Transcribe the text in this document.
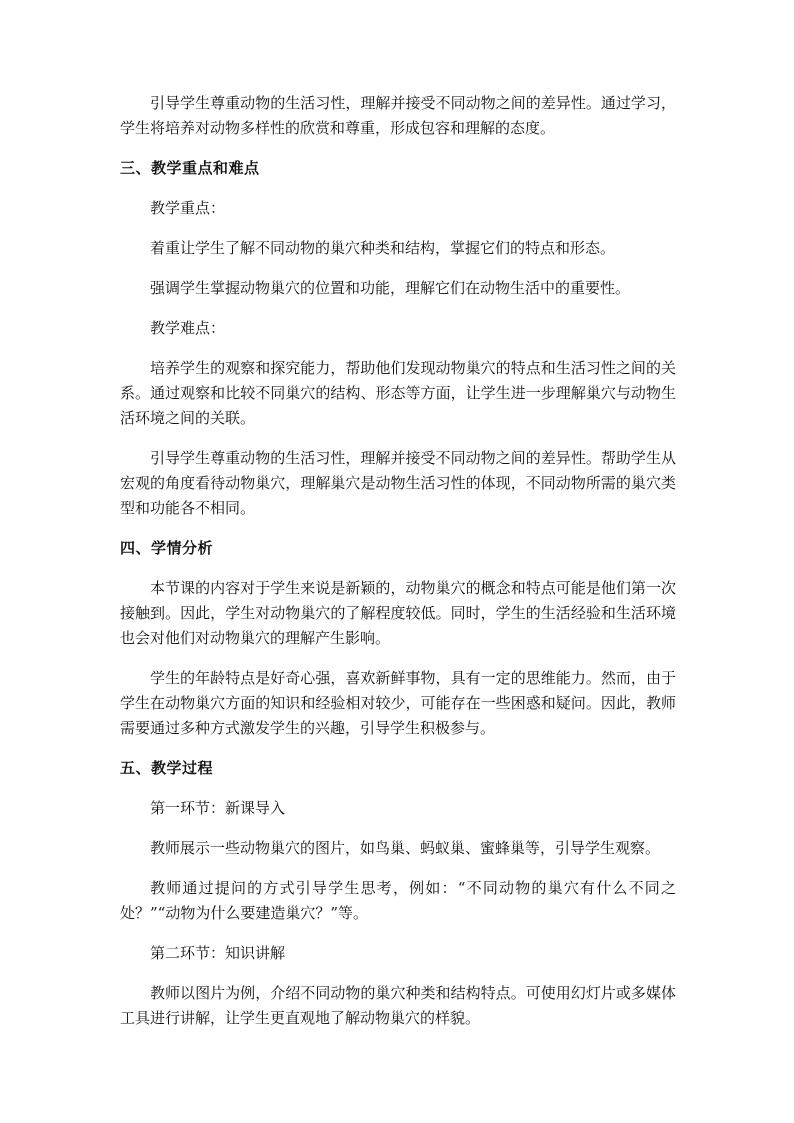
引导学生尊重动物的生活习性，理解并接受不同动物之间的差异性。通过学习，学生将培养对动物多样性的欣赏和尊重，形成包容和理解的态度。

三、教学重点和难点

教学重点：

着重让学生了解不同动物的巢穴种类和结构，掌握它们的特点和形态。

强调学生掌握动物巢穴的位置和功能，理解它们在动物生活中的重要性。

教学难点：

培养学生的观察和探究能力，帮助他们发现动物巢穴的特点和生活习性之间的关系。通过观察和比较不同巢穴的结构、形态等方面，让学生进一步理解巢穴与动物生活环境之间的关联。

引导学生尊重动物的生活习性，理解并接受不同动物之间的差异性。帮助学生从宏观的角度看待动物巢穴，理解巢穴是动物生活习性的体现，不同动物所需的巢穴类型和功能各不相同。

四、学情分析

本节课的内容对于学生来说是新颖的，动物巢穴的概念和特点可能是他们第一次接触到。因此，学生对动物巢穴的了解程度较低。同时，学生的生活经验和生活环境也会对他们对动物巢穴的理解产生影响。

学生的年龄特点是好奇心强，喜欢新鲜事物，具有一定的思维能力。然而，由于学生在动物巢穴方面的知识和经验相对较少，可能存在一些困惑和疑问。因此，教师需要通过多种方式激发学生的兴趣，引导学生积极参与。

五、教学过程

第一环节：新课导入

教师展示一些动物巢穴的图片，如鸟巢、蚂蚁巢、蜜蜂巢等，引导学生观察。

教师通过提问的方式引导学生思考，例如：“不同动物的巢穴有什么不同之处？”“动物为什么要建造巢穴？”等。

第二环节：知识讲解

教师以图片为例，介绍不同动物的巢穴种类和结构特点。可使用幻灯片或多媒体工具进行讲解，让学生更直观地了解动物巢穴的样貌。
